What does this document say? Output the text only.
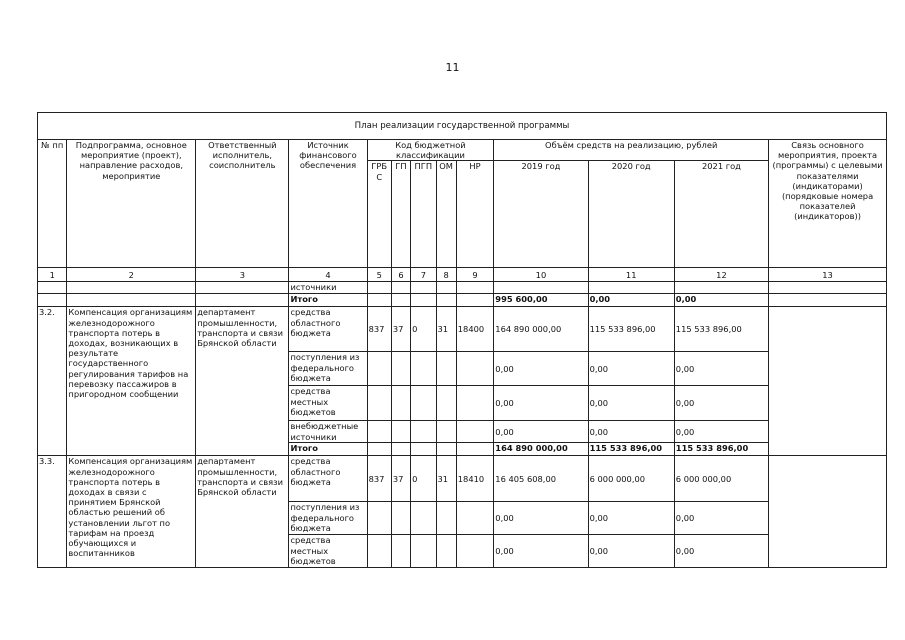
11
План реализации государственной программы												
№ пп	Подпрограмма, основное мероприятие (проект), направление расходов, мероприятие	Ответственный исполнитель, соисполнитель	Источник финансового обеспечения	Код бюджетной классификации					Объём средств на реализацию, рублей			Связь основного мероприятия, проекта (программы) с целевыми показателями (индикаторами) (порядковые номера показателей (индикаторов))
				ГРБС	ГП	ПГП	ОМ	НР	2019 год	2020 год	2021 год	
1	2	3	4	5	6	7	8	9	10	11	12	13
			источники									
			Итого						995 600,00	0,00	0,00	
3.2.	Компенсация организациям железнодорожного транспорта потерь в доходах, возникающих в результате государственного регулирования тарифов на перевозку пассажиров в пригородном сообщении	департамент промышленности, транспорта и связи Брянской области	средства областного бюджета	837	37	0	31	18400	164 890 000,00	115 533 896,00	115 533 896,00	
			поступления из федерального бюджета						0,00	0,00	0,00	
			средства местных бюджетов						0,00	0,00	0,00	
			внебюджетные источники						0,00	0,00	0,00	
			Итого						164 890 000,00	115 533 896,00	115 533 896,00	
3.3.	Компенсация организациям железнодорожного транспорта потерь в доходах в связи с принятием Брянской областью решений об установлении льгот по тарифам на проезд обучающихся и воспитанников	департамент промышленности, транспорта и связи Брянской области	средства областного бюджета	837	37	0	31	18410	16 405 608,00	6 000 000,00	6 000 000,00	
			поступления из федерального бюджета						0,00	0,00	0,00	
			средства местных бюджетов						0,00	0,00	0,00	
